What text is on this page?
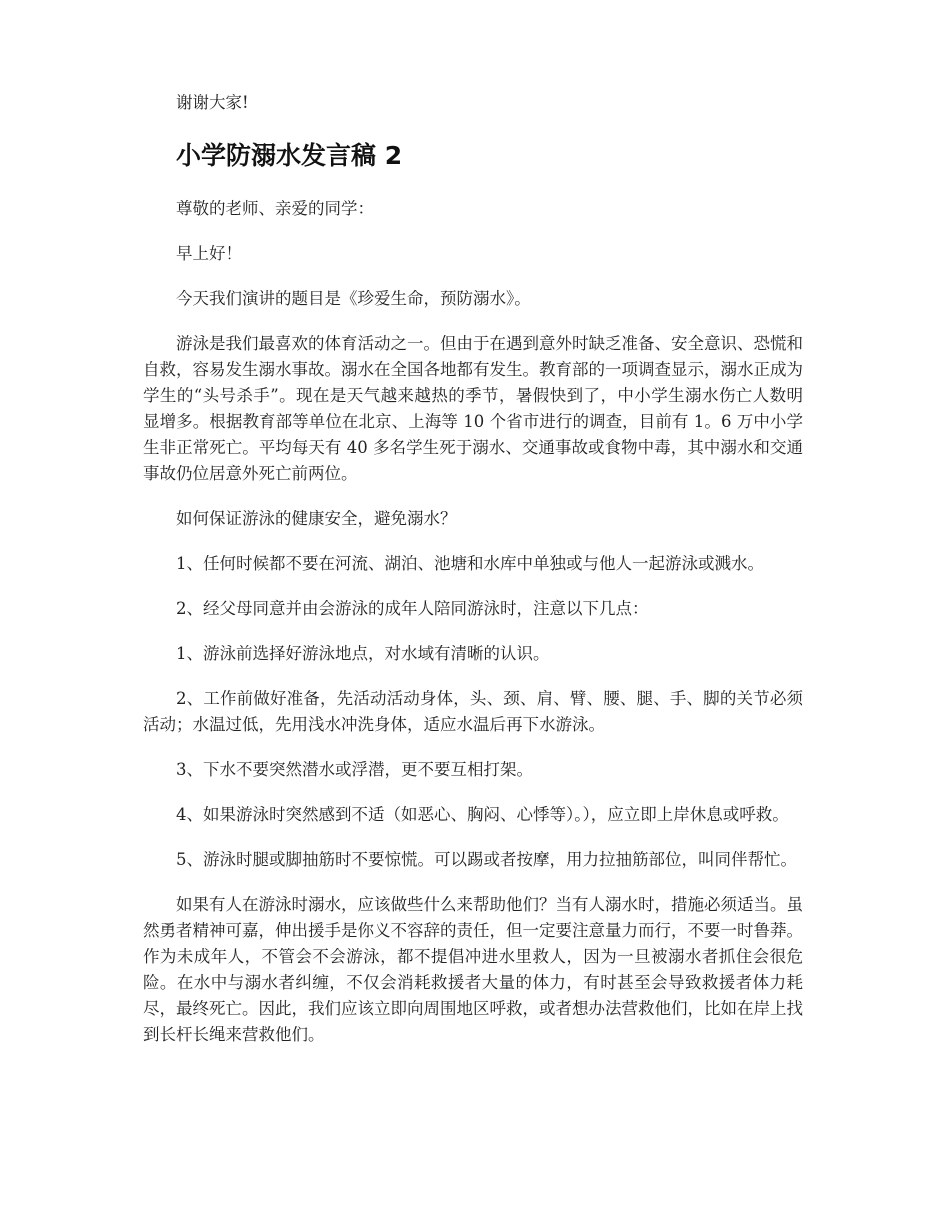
谢谢大家!

小学防溺水发言稿 2

尊敬的老师、亲爱的同学：

早上好！

今天我们演讲的题目是《珍爱生命，预防溺水》。

游泳是我们最喜欢的体育活动之一。但由于在遇到意外时缺乏准备、安全意识、恐慌和自救，容易发生溺水事故。溺水在全国各地都有发生。教育部的一项调查显示，溺水正成为学生的“头号杀手”。现在是天气越来越热的季节，暑假快到了，中小学生溺水伤亡人数明显增多。根据教育部等单位在北京、上海等 10 个省市进行的调查，目前有 1。6 万中小学生非正常死亡。平均每天有 40 多名学生死于溺水、交通事故或食物中毒，其中溺水和交通事故仍位居意外死亡前两位。

如何保证游泳的健康安全，避免溺水？

1、任何时候都不要在河流、湖泊、池塘和水库中单独或与他人一起游泳或溅水。

2、经父母同意并由会游泳的成年人陪同游泳时，注意以下几点：

1、游泳前选择好游泳地点，对水域有清晰的认识。

2、工作前做好准备，先活动活动身体，头、颈、肩、臂、腰、腿、手、脚的关节必须活动；水温过低，先用浅水冲洗身体，适应水温后再下水游泳。

3、下水不要突然潜水或浮潜，更不要互相打架。

4、如果游泳时突然感到不适（如恶心、胸闷、心悸等）。），应立即上岸休息或呼救。

5、游泳时腿或脚抽筋时不要惊慌。可以踢或者按摩，用力拉抽筋部位，叫同伴帮忙。

如果有人在游泳时溺水，应该做些什么来帮助他们？当有人溺水时，措施必须适当。虽然勇者精神可嘉，伸出援手是你义不容辞的责任，但一定要注意量力而行，不要一时鲁莽。作为未成年人，不管会不会游泳，都不提倡冲进水里救人，因为一旦被溺水者抓住会很危险。在水中与溺水者纠缠，不仅会消耗救援者大量的体力，有时甚至会导致救援者体力耗尽，最终死亡。因此，我们应该立即向周围地区呼救，或者想办法营救他们，比如在岸上找到长杆长绳来营救他们。
